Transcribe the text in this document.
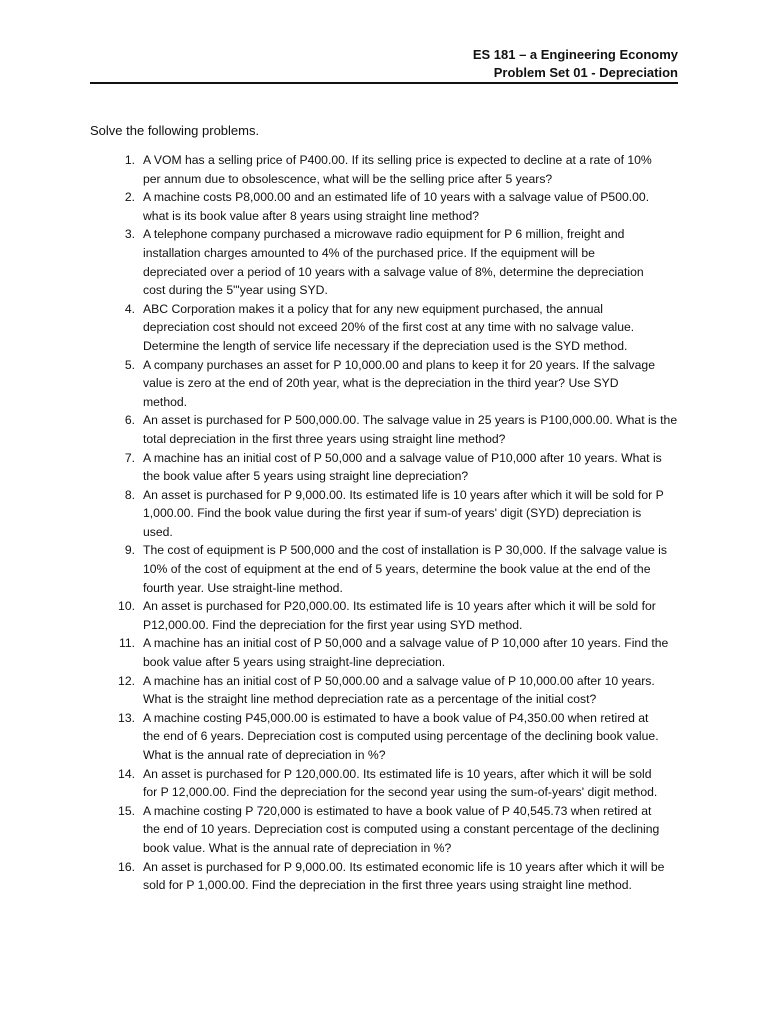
ES 181 – a Engineering Economy
Problem Set 01 - Depreciation
Solve the following problems.
1. A VOM has a selling price of P400.00. If its selling price is expected to decline at a rate of 10%
per annum due to obsolescence, what will be the selling price after 5 years?
2. A machine costs P8,000.00 and an estimated life of 10 years with a salvage value of P500.00.
what is its book value after 8 years using straight line method?
3. A telephone company purchased a microwave radio equipment for P 6 million, freight and
installation charges amounted to 4% of the purchased price. If the equipment will be
depreciated over a period of 10 years with a salvage value of 8%, determine the depreciation
cost during the 5"'year using SYD.
4. ABC Corporation makes it a policy that for any new equipment purchased, the annual
depreciation cost should not exceed 20% of the first cost at any time with no salvage value.
Determine the length of service life necessary if the depreciation used is the SYD method.
5. A company purchases an asset for P 10,000.00 and plans to keep it for 20 years. If the salvage
value is zero at the end of 20th year, what is the depreciation in the third year? Use SYD
method.
6. An asset is purchased for P 500,000.00. The salvage value in 25 years is P100,000.00. What is the
total depreciation in the first three years using straight line method?
7. A machine has an initial cost of P 50,000 and a salvage value of P10,000 after 10 years. What is
the book value after 5 years using straight line depreciation?
8. An asset is purchased for P 9,000.00. Its estimated life is 10 years after which it will be sold for P
1,000.00. Find the book value during the first year if sum-of years' digit (SYD) depreciation is
used.
9. The cost of equipment is P 500,000 and the cost of installation is P 30,000. If the salvage value is
10% of the cost of equipment at the end of 5 years, determine the book value at the end of the
fourth year. Use straight-line method.
10. An asset is purchased for P20,000.00. Its estimated life is 10 years after which it will be sold for
P12,000.00. Find the depreciation for the first year using SYD method.
11. A machine has an initial cost of P 50,000 and a salvage value of P 10,000 after 10 years. Find the
book value after 5 years using straight-line depreciation.
12. A machine has an initial cost of P 50,000.00 and a salvage value of P 10,000.00 after 10 years.
What is the straight line method depreciation rate as a percentage of the initial cost?
13. A machine costing P45,000.00 is estimated to have a book value of P4,350.00 when retired at
the end of 6 years. Depreciation cost is computed using percentage of the declining book value.
What is the annual rate of depreciation in %?
14. An asset is purchased for P 120,000.00. Its estimated life is 10 years, after which it will be sold
for P 12,000.00. Find the depreciation for the second year using the sum-of-years' digit method.
15. A machine costing P 720,000 is estimated to have a book value of P 40,545.73 when retired at
the end of 10 years. Depreciation cost is computed using a constant percentage of the declining
book value. What is the annual rate of depreciation in %?
16. An asset is purchased for P 9,000.00. Its estimated economic life is 10 years after which it will be
sold for P 1,000.00. Find the depreciation in the first three years using straight line method.
